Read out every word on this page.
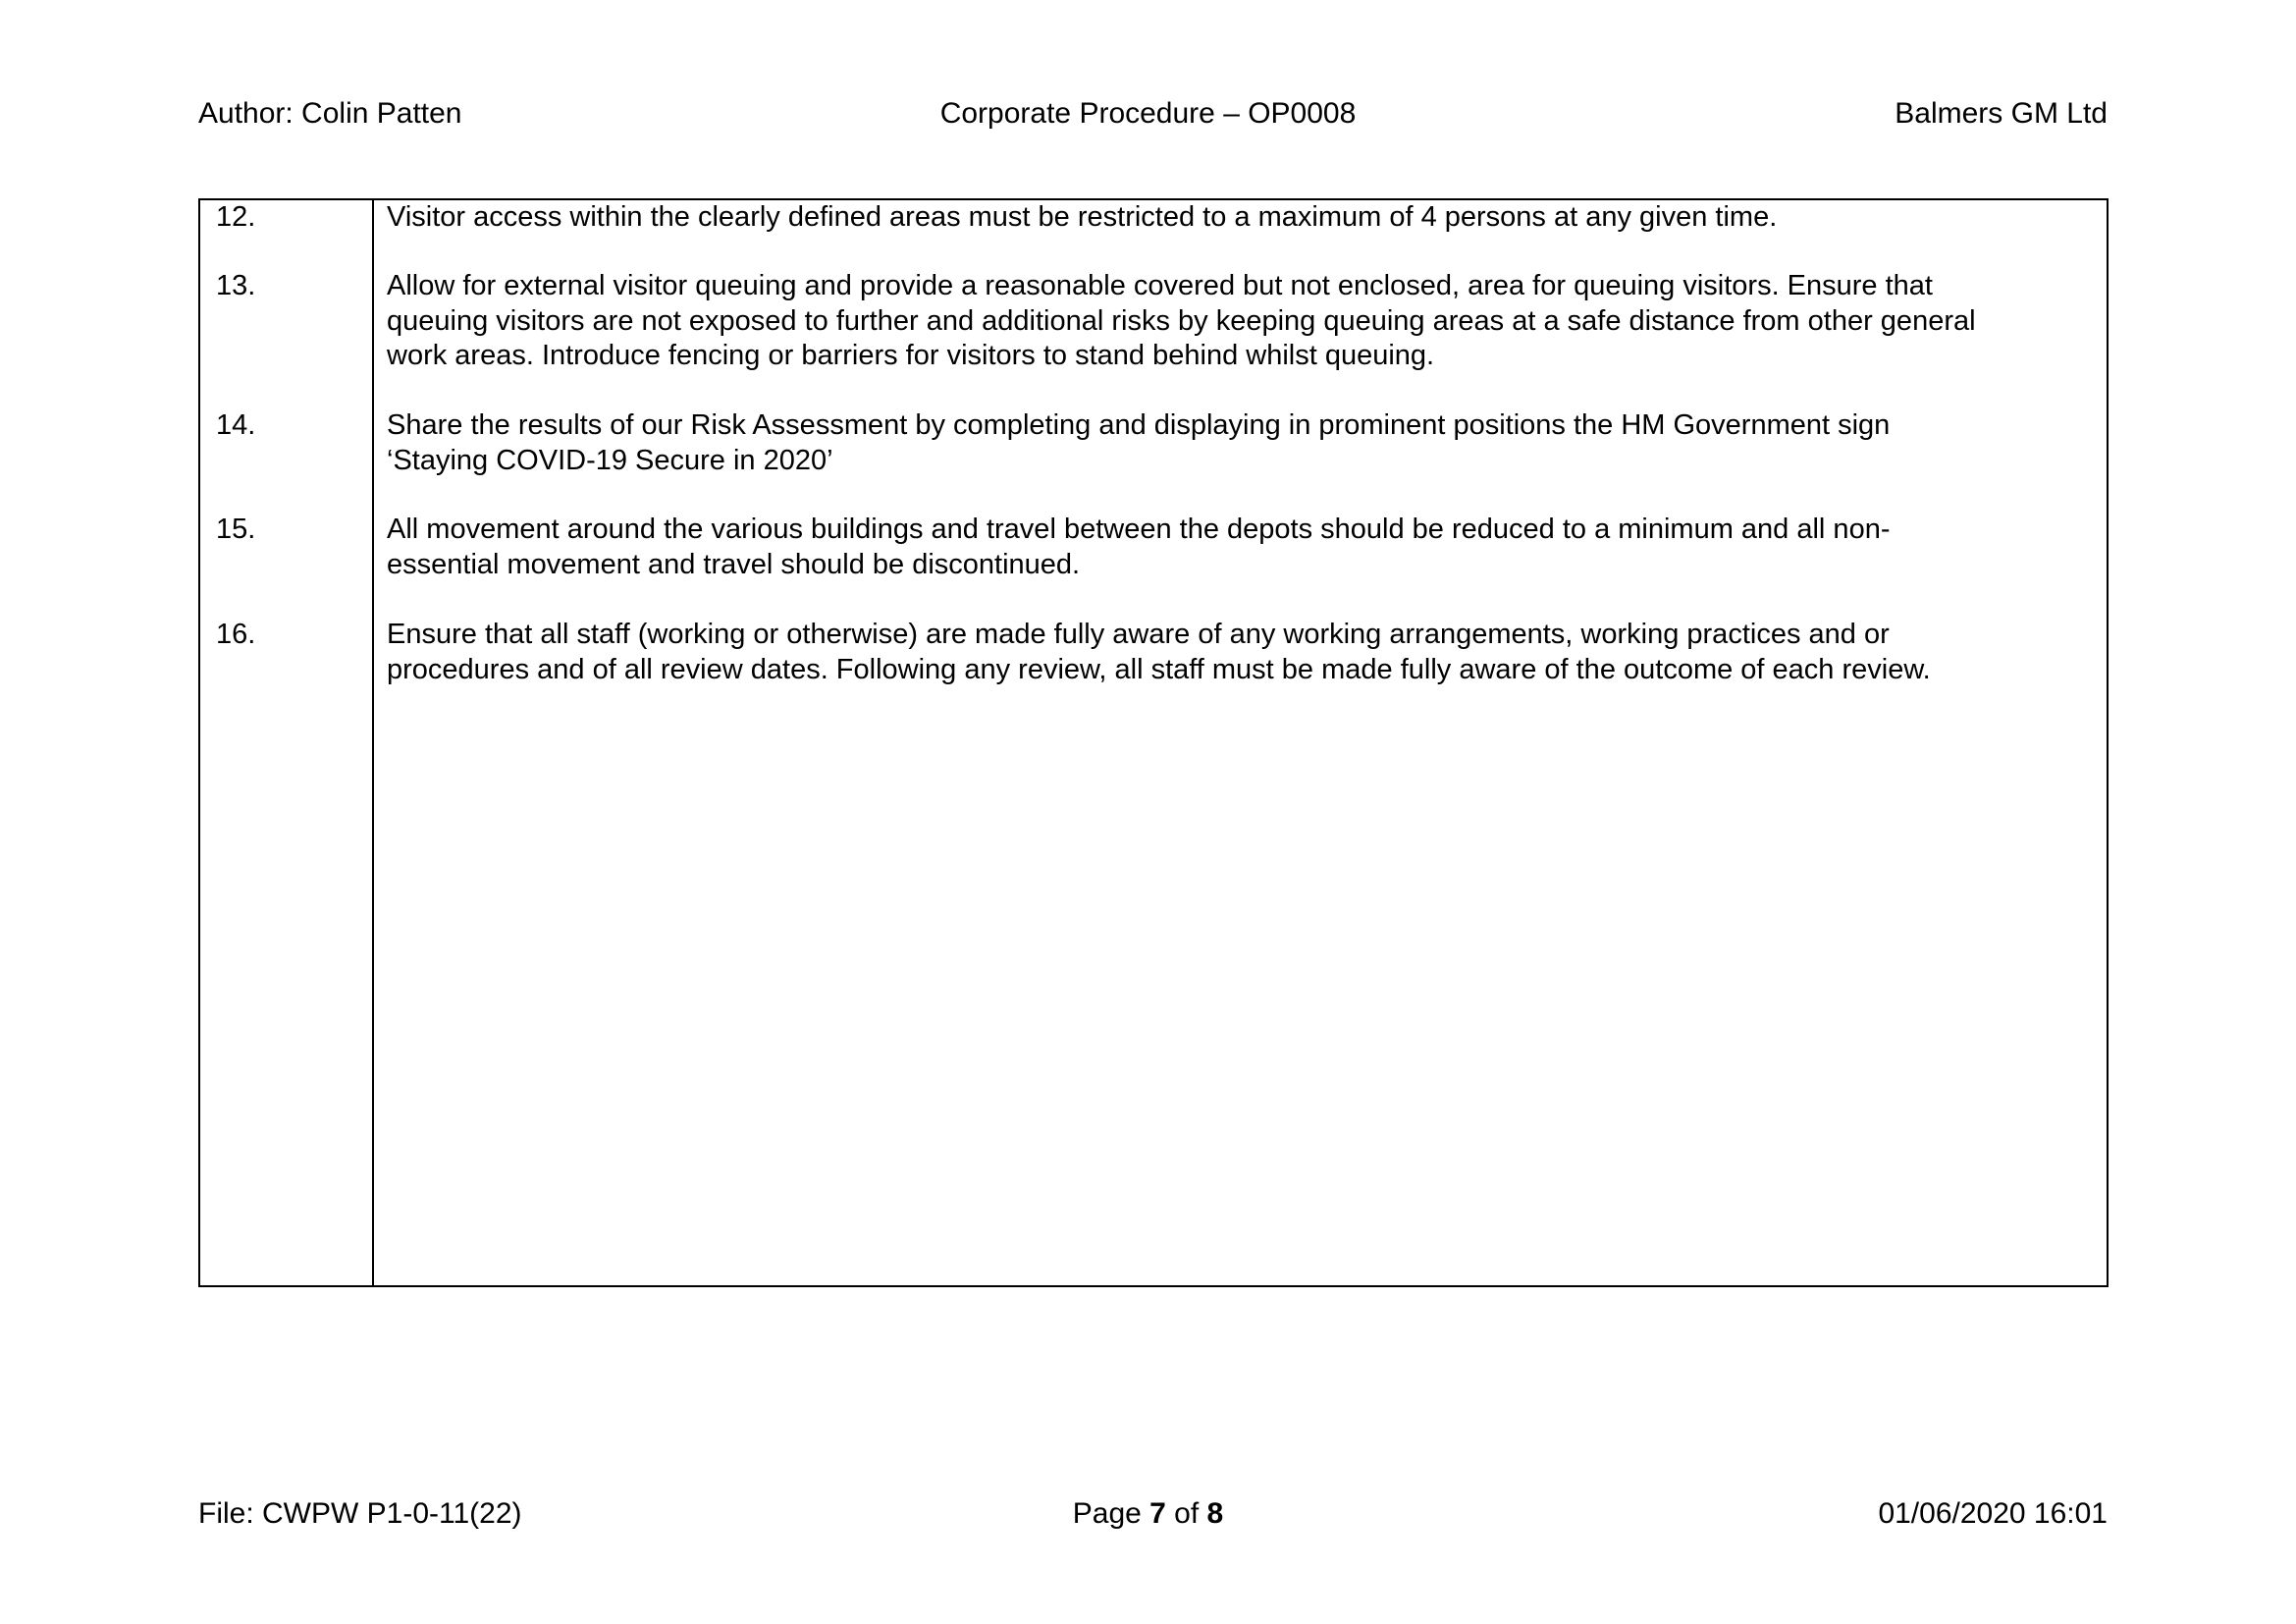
Author: Colin Patten	Corporate Procedure – OP0008	Balmers GM Ltd
12.	Visitor access within the clearly defined areas must be restricted to a maximum of 4 persons at any given time.
13.	Allow for external visitor queuing and provide a reasonable covered but not enclosed, area for queuing visitors. Ensure that
queuing visitors are not exposed to further and additional risks by keeping queuing areas at a safe distance from other general
work areas. Introduce fencing or barriers for visitors to stand behind whilst queuing.
14.	Share the results of our Risk Assessment by completing and displaying in prominent positions the HM Government sign
‘Staying COVID-19 Secure in 2020’
15.	All movement around the various buildings and travel between the depots should be reduced to a minimum and all non-
essential movement and travel should be discontinued.
16.	Ensure that all staff (working or otherwise) are made fully aware of any working arrangements, working practices and or
procedures and of all review dates. Following any review, all staff must be made fully aware of the outcome of each review.
File: CWPW P1-0-11(22)	Page 7 of 8	01/06/2020 16:01
